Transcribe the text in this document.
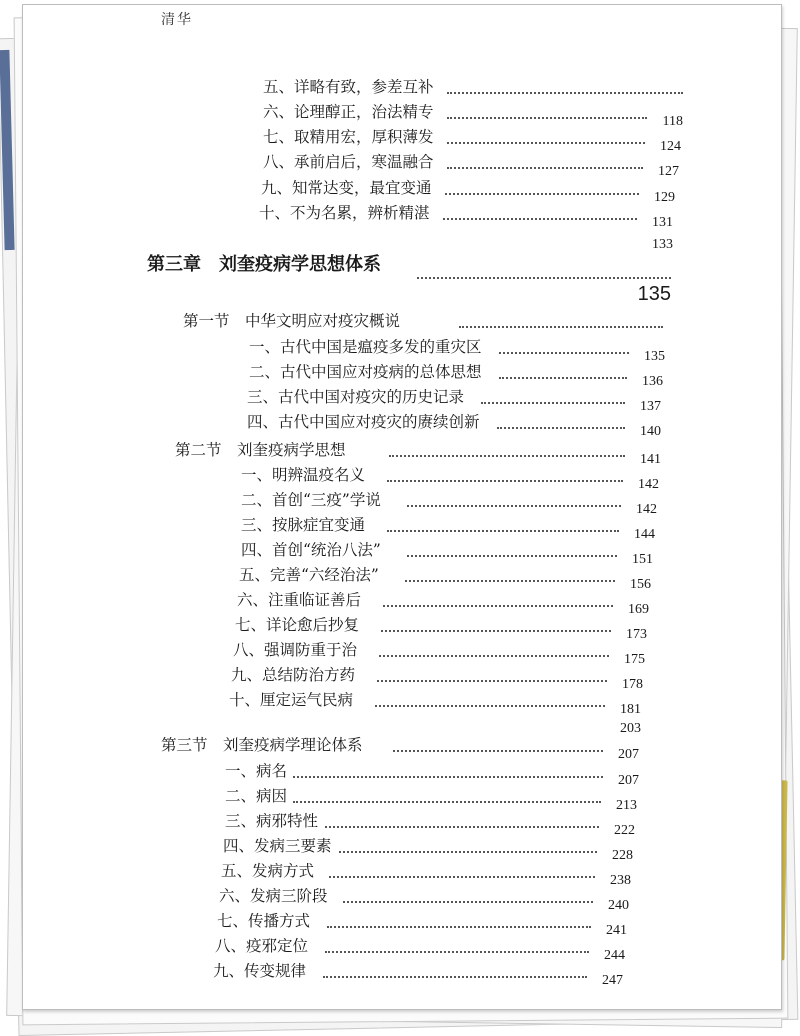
清华
五、详略有致，参差互补
六、论理醇正，治法精专
118
七、取精用宏，厚积薄发
124
八、承前启后，寒温融合
127
九、知常达变，最宜变通
129
十、不为名累，辨析精湛
131
133
第三章　刘奎疫病学思想体系
135
第一节　中华文明应对疫灾概说
一、古代中国是瘟疫多发的重灾区
135
二、古代中国应对疫病的总体思想
136
三、古代中国对疫灾的历史记录
137
四、古代中国应对疫灾的赓续创新
140
第二节　刘奎疫病学思想
141
一、明辨温疫名义
142
二、首创“三疫”学说
142
三、按脉症宜变通
144
四、首创“统治八法”
151
五、完善“六经治法”
156
六、注重临证善后
169
七、详论愈后抄复
173
八、强调防重于治
175
九、总结防治方药
178
十、厘定运气民病
181
203
第三节　刘奎疫病学理论体系
207
一、病名
207
二、病因
213
三、病邪特性
222
四、发病三要素
228
五、发病方式
238
六、发病三阶段
240
七、传播方式
241
八、疫邪定位
244
九、传变规律
247
